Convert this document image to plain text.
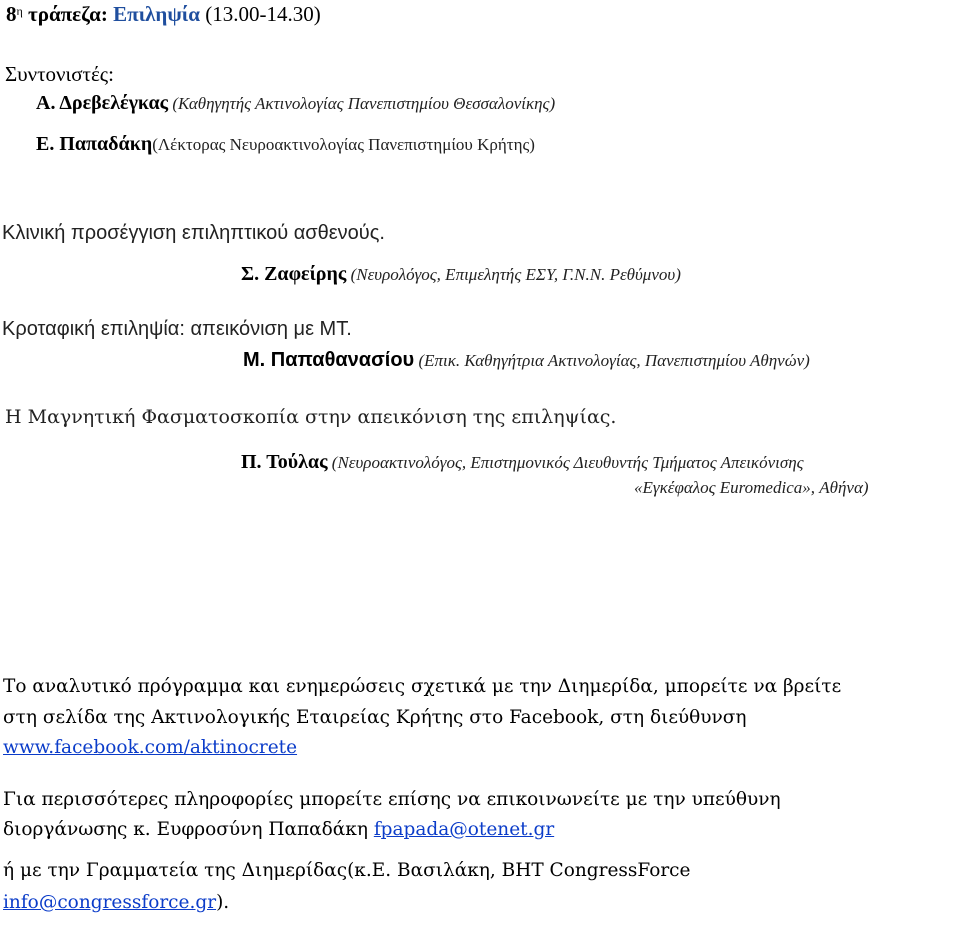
$8^\eta$ τράπεζα: Επιληψία (13.00-14.30)
Συντονιστές:
Α. Δρεβελέγκας (Καθηγητής Ακτινολογίας Πανεπιστημίου Θεσσαλονίκης)
Ε. Παπαδάκη(Λέκτορας Νευροακτινολογίας Πανεπιστημίου Κρήτης)
Κλινική προσέγγιση επιληπτικού ασθενούς.
Σ. Ζαφείρης (Νευρολόγος, Επιμελητής ΕΣΥ, Γ.Ν.Ν. Ρεθύμνου)
Κροταφική επιληψία: απεικόνιση με MT.
Μ. Παπαθανασίου (Επικ. Καθηγήτρια Ακτινολογίας, Πανεπιστημίου Αθηνών)
Η Μαγνητική Φασματοσκοπία στην απεικόνιση της επιληψίας.
Π. Τούλας (Νευροακτινολόγος, Επιστημονικός Διευθυντής Τμήματος Απεικόνισης
«Εγκέφαλος Euromedica», Αθήνα)
Το αναλυτικό πρόγραμμα και ενημερώσεις σχετικά με την Διημερίδα, μπορείτε να βρείτε
στη σελίδα της Ακτινολογικής Εταιρείας Κρήτης στο Facebook, στη διεύθυνση
www.facebook.com/aktinocrete
Για περισσότερες πληροφορίες μπορείτε επίσης να επικοινωνείτε με την υπεύθυνη
διοργάνωσης κ. Ευφροσύνη Παπαδάκη fpapada@otenet.gr
ή με την Γραμματεία της Διημερίδας(κ.Ε. Βασιλάκη, ΒΗΤ CongressForce
info@congressforce.gr).
